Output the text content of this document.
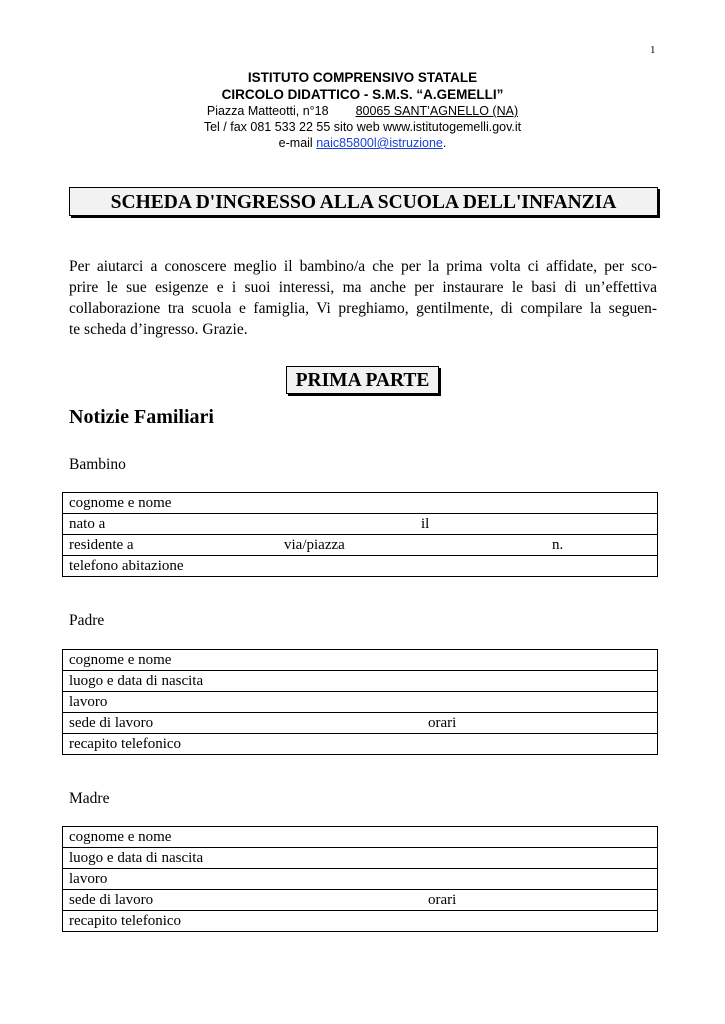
1
ISTITUTO COMPRENSIVO STATALE
CIRCOLO DIDATTICO - S.M.S. “A.GEMELLI”
Piazza Matteotti, n°18 80065 SANT’AGNELLO (NA)
Tel / fax 081 533 22 55 sito web www.istitutogemelli.gov.it
e-mail naic85800l@istruzione.
SCHEDA D'INGRESSO ALLA SCUOLA DELL'INFANZIA
Per aiutarci a conoscere meglio il bambino/a che per la prima volta ci affidate, per sco-
prire le sue esigenze e i suoi interessi, ma anche per instaurare le basi di un’effettiva
collaborazione tra scuola e famiglia, Vi preghiamo, gentilmente, di compilare la seguen-
te scheda d’ingresso. Grazie.
PRIMA PARTE
Notizie Familiari
Bambino
cognome e nome
nato a	il

residente a	via/piazza	n.

telefono abitazione
Padre
cognome e nome
luogo e data di nascita
lavoro
sede di lavoro	orari

recapito telefonico
Madre
cognome e nome
luogo e data di nascita
lavoro
sede di lavoro	orari

recapito telefonico
